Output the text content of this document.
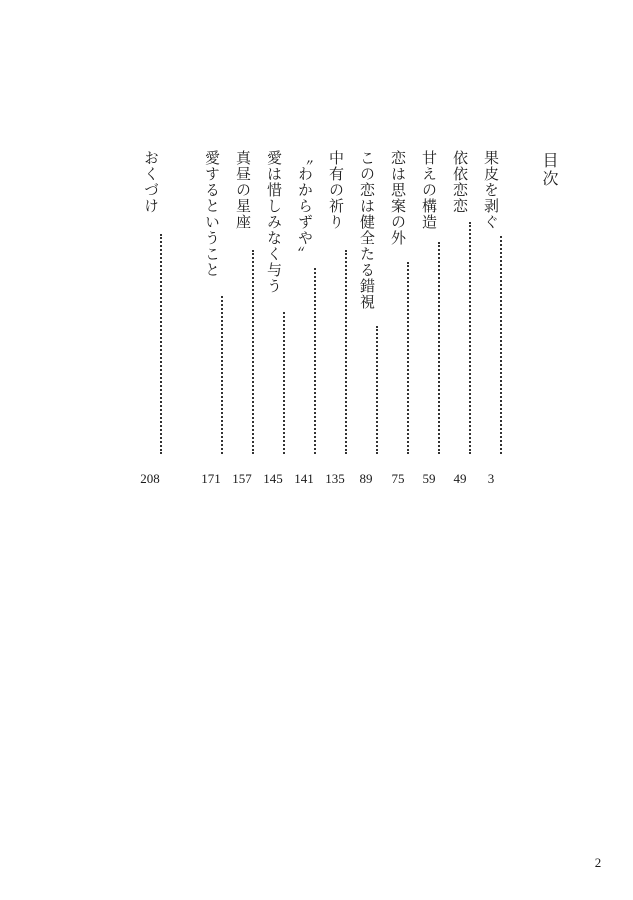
目次
果皮を剥ぐ
3
依依恋恋
49
甘えの構造
59
恋は思案の外
75
この恋は健全たる錯視
89
中有の祈り
135
〝わからずや〟
141
愛は惜しみなく与う
145
真昼の星座
157
愛するということ
171
おくづけ
208
2
